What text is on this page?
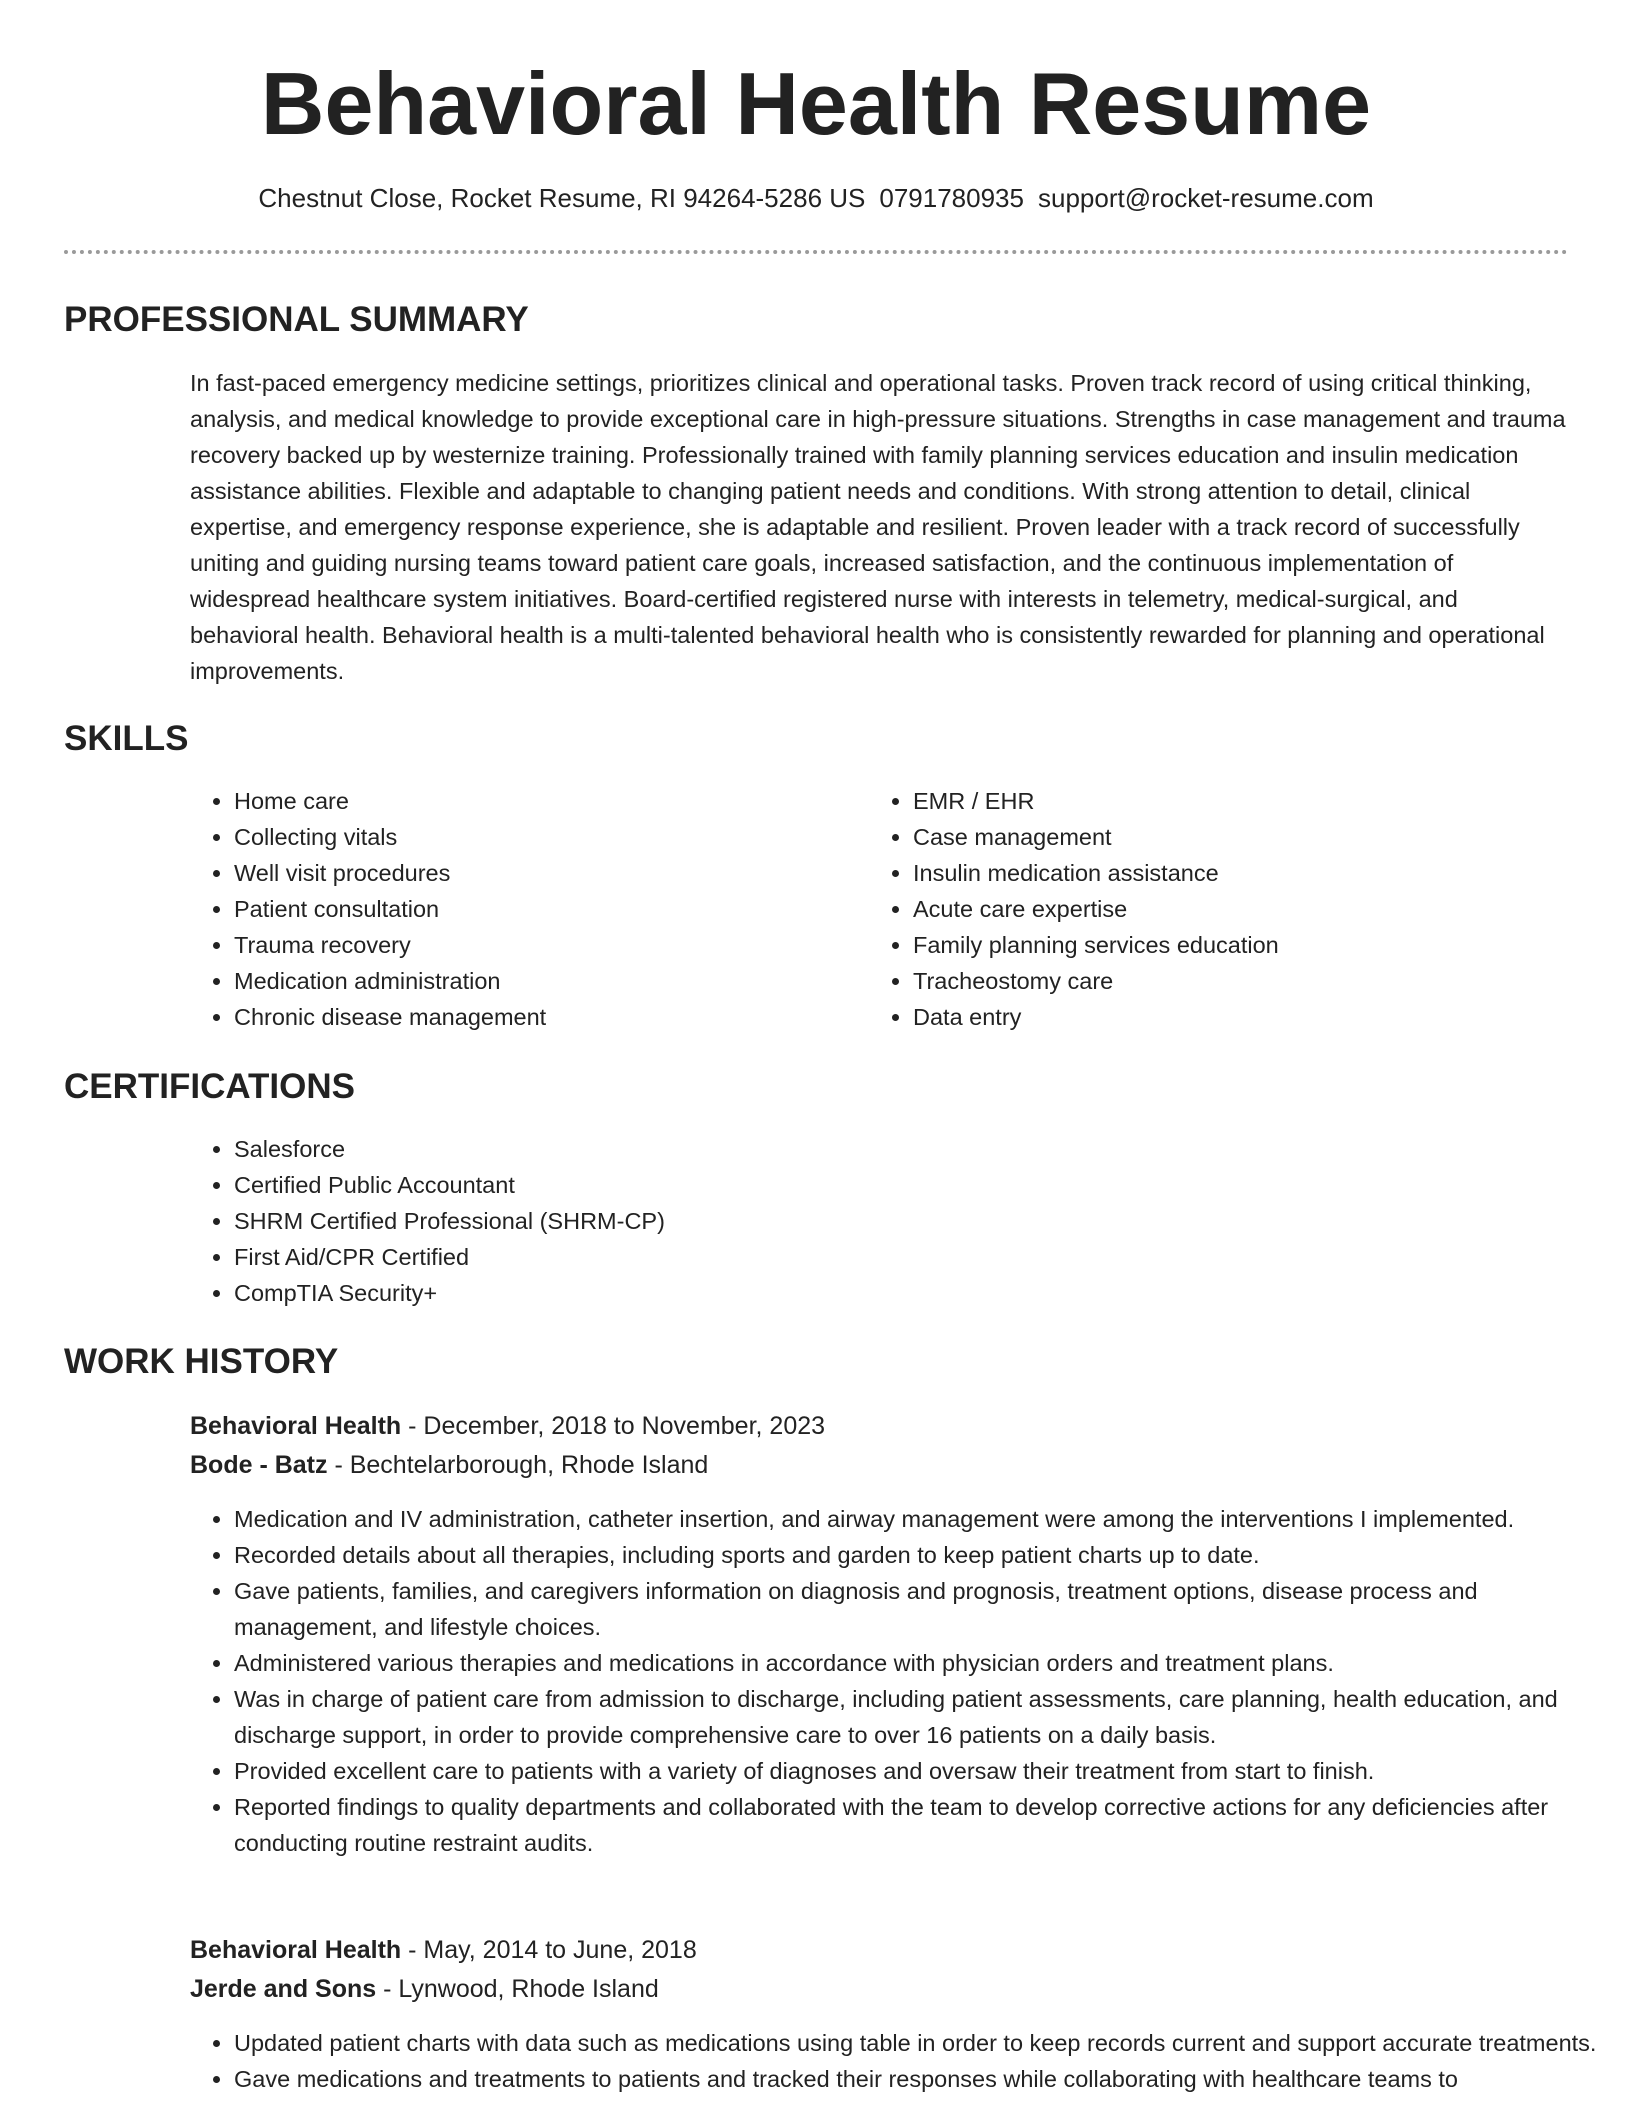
Behavioral Health Resume
Chestnut Close, Rocket Resume, RI 94264-5286 US 0791780935 support@rocket-resume.com
PROFESSIONAL SUMMARY

In fast-paced emergency medicine settings, prioritizes clinical and operational tasks. Proven track record of using critical thinking, analysis, and medical knowledge to provide exceptional care in high-pressure situations. Strengths in case management and trauma recovery backed up by westernize training. Professionally trained with family planning services education and insulin medication assistance abilities. Flexible and adaptable to changing patient needs and conditions. With strong attention to detail, clinical expertise, and emergency response experience, she is adaptable and resilient. Proven leader with a track record of successfully uniting and guiding nursing teams toward patient care goals, increased satisfaction, and the continuous implementation of widespread healthcare system initiatives. Board-certified registered nurse with interests in telemetry, medical-surgical, and behavioral health. Behavioral health is a multi-talented behavioral health who is consistently rewarded for planning and operational improvements.

SKILLS
• Home care
• Collecting vitals
• Well visit procedures
• Patient consultation
• Trauma recovery
• Medication administration
• Chronic disease management
• EMR / EHR
• Case management
• Insulin medication assistance
• Acute care expertise
• Family planning services education
• Tracheostomy care
• Data entry
CERTIFICATIONS
• Salesforce
• Certified Public Accountant
• SHRM Certified Professional (SHRM-CP)
• First Aid/CPR Certified
• CompTIA Security+
WORK HISTORY
Behavioral Health - December, 2018 to November, 2023
Bode - Batz - Bechtelarborough, Rhode Island
• Medication and IV administration, catheter insertion, and airway management were among the interventions I implemented.
• Recorded details about all therapies, including sports and garden to keep patient charts up to date.
• Gave patients, families, and caregivers information on diagnosis and prognosis, treatment options, disease process and management, and lifestyle choices.
• Administered various therapies and medications in accordance with physician orders and treatment plans.
• Was in charge of patient care from admission to discharge, including patient assessments, care planning, health education, and discharge support, in order to provide comprehensive care to over 16 patients on a daily basis.
• Provided excellent care to patients with a variety of diagnoses and oversaw their treatment from start to finish.
• Reported findings to quality departments and collaborated with the team to develop corrective actions for any deficiencies after conducting routine restraint audits.
Behavioral Health - May, 2014 to June, 2018
Jerde and Sons - Lynwood, Rhode Island
• Updated patient charts with data such as medications using table in order to keep records current and support accurate treatments.
• Gave medications and treatments to patients and tracked their responses while collaborating with healthcare teams to
